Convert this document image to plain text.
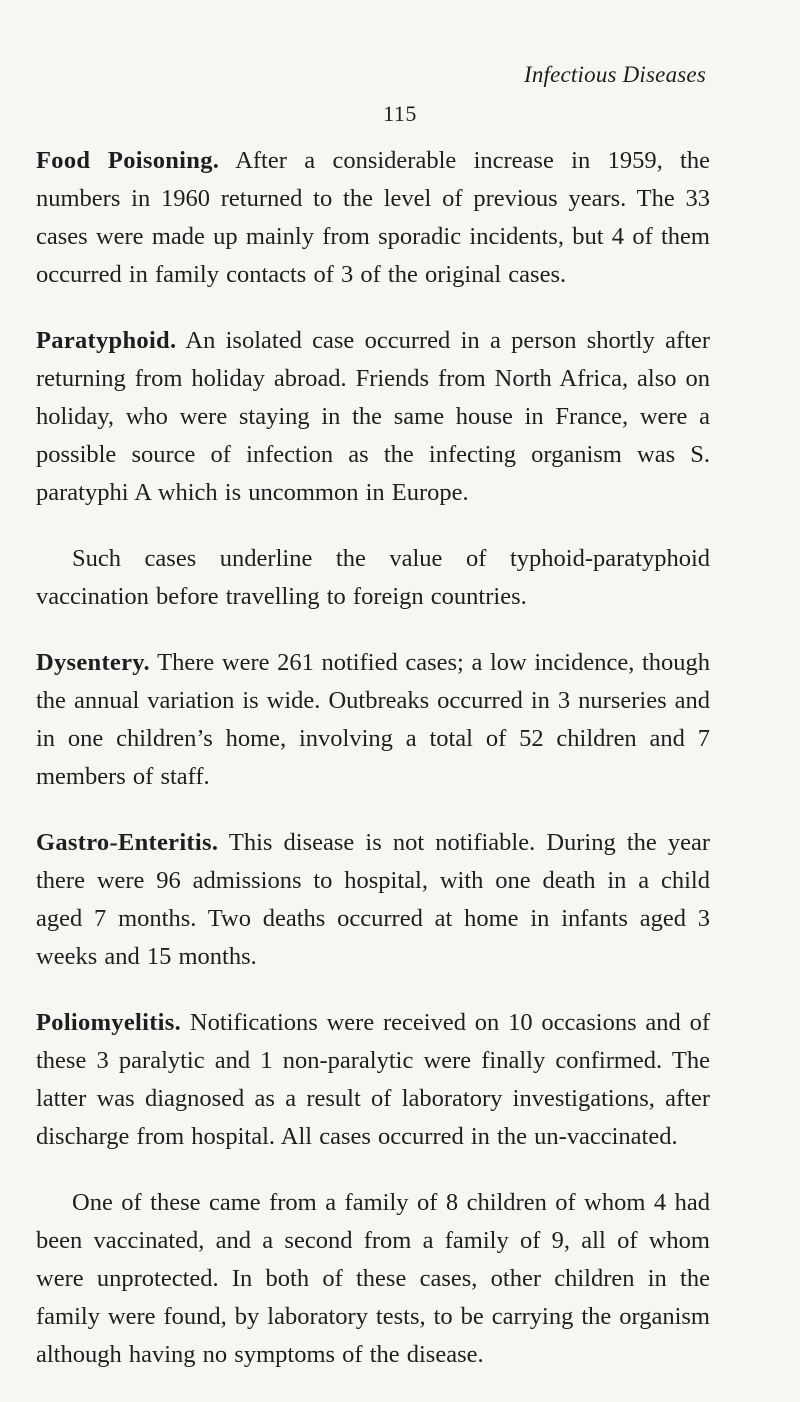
Infectious Diseases
115

Food Poisoning. After a considerable increase in 1959, the numbers in 1960 returned to the level of previous years. The 33 cases were made up mainly from sporadic incidents, but 4 of them occurred in family contacts of 3 of the original cases.

Paratyphoid. An isolated case occurred in a person shortly after returning from holiday abroad. Friends from North Africa, also on holiday, who were staying in the same house in France, were a possible source of infection as the infecting organism was S. paratyphi A which is uncommon in Europe.

Such cases underline the value of typhoid-paratyphoid vaccination before travelling to foreign countries.

Dysentery. There were 261 notified cases; a low incidence, though the annual variation is wide. Outbreaks occurred in 3 nurseries and in one children’s home, involving a total of 52 children and 7 members of staff.

Gastro-Enteritis. This disease is not notifiable. During the year there were 96 admissions to hospital, with one death in a child aged 7 months. Two deaths occurred at home in infants aged 3 weeks and 15 months.

Poliomyelitis. Notifications were received on 10 occasions and of these 3 paralytic and 1 non-paralytic were finally confirmed. The latter was diagnosed as a result of laboratory investigations, after discharge from hospital. All cases occurred in the un-vaccinated.

One of these came from a family of 8 children of whom 4 had been vaccinated, and a second from a family of 9, all of whom were unprotected. In both of these cases, other children in the family were found, by laboratory tests, to be carrying the organism although having no symptoms of the disease.
